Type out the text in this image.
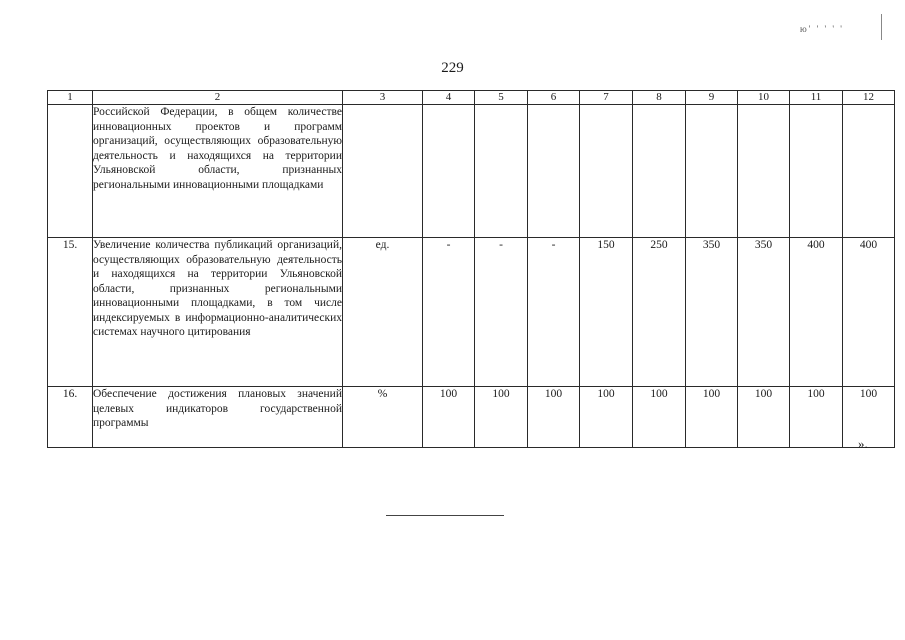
ю' ' ' ' '
229
1	2	3	4	5	6	7	8	9	10	11	12
	Российской Федерации, в общем количестве инновационных проектов и программ организаций, осуществляющих образовательную деятельность и находящихся на территории Ульяновской области, признанных региональными инновационными площадками										
15.	Увеличение количества публикаций организаций, осуществляющих образовательную деятельность и находящихся на территории Ульяновской области, признанных региональными инновационными площадками, в том числе индексируемых в информационно-аналитических системах научного цитирования	ед.	-	-	-	150	250	350	350	400	400
16.	Обеспечение достижения плановых значений целевых индикаторов государственной программы	%	100	100	100	100	100	100	100	100	100
».
